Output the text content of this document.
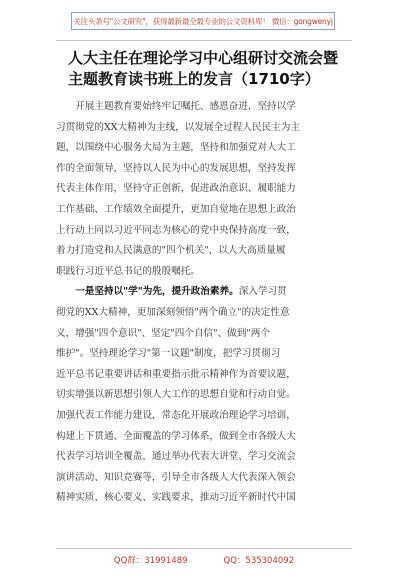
关注头条号"公文研究"，获得最新最全最专业的公文资料库！ 微信：gongwenyj
人大主任在理论学习中心组研讨交流会暨
主题教育读书班上的发言（1710字）
开展主题教育要始终牢记嘱托、感恩奋进，坚持以学
习贯彻党的XX大精神为主线，以发展全过程人民民主为主
题，以围绕中心服务大局为主题，坚持和加强党对人大工
作的全面领导，坚持以人民为中心的发展思想，坚持发挥
代表主体作用，坚持守正创新，促进政治意识、履职能力
工作基础、工作绩效全面提升，更加自觉地在思想上政治
上行动上同以习近平同志为核心的党中央保持高度一致，
着力打造党和人民满意的"四个机关"，以人大高质量履
职践行习近平总书记的殷殷嘱托。
一是坚持以"学"为先，提升政治素养。深入学习贯
彻党的XX大精神，更加深刻领悟"两个确立"的决定性意
义，增强"四个意识"、坚定"四个自信"、做到"两个
维护"。坚持理论学习"第一议题"制度，把学习贯彻习
近平总书记重要讲话和重要指示批示精神作为首要议题，
切实增强以新思想引领人大工作的思想自觉和行动自觉。
加强代表工作能力建设，常态化开展政治理论学习培训，
构建上下贯通、全面覆盖的学习体系，做到全市各级人大
代表学习培训全覆盖，通过举办代表大讲堂、学习交流会
演讲活动、知识竞赛等，引导全市各级人大代表深入领会
精神实质、核心要义、实践要求，推动习近平新时代中国
QQ群：31991489	QQ：535304092
